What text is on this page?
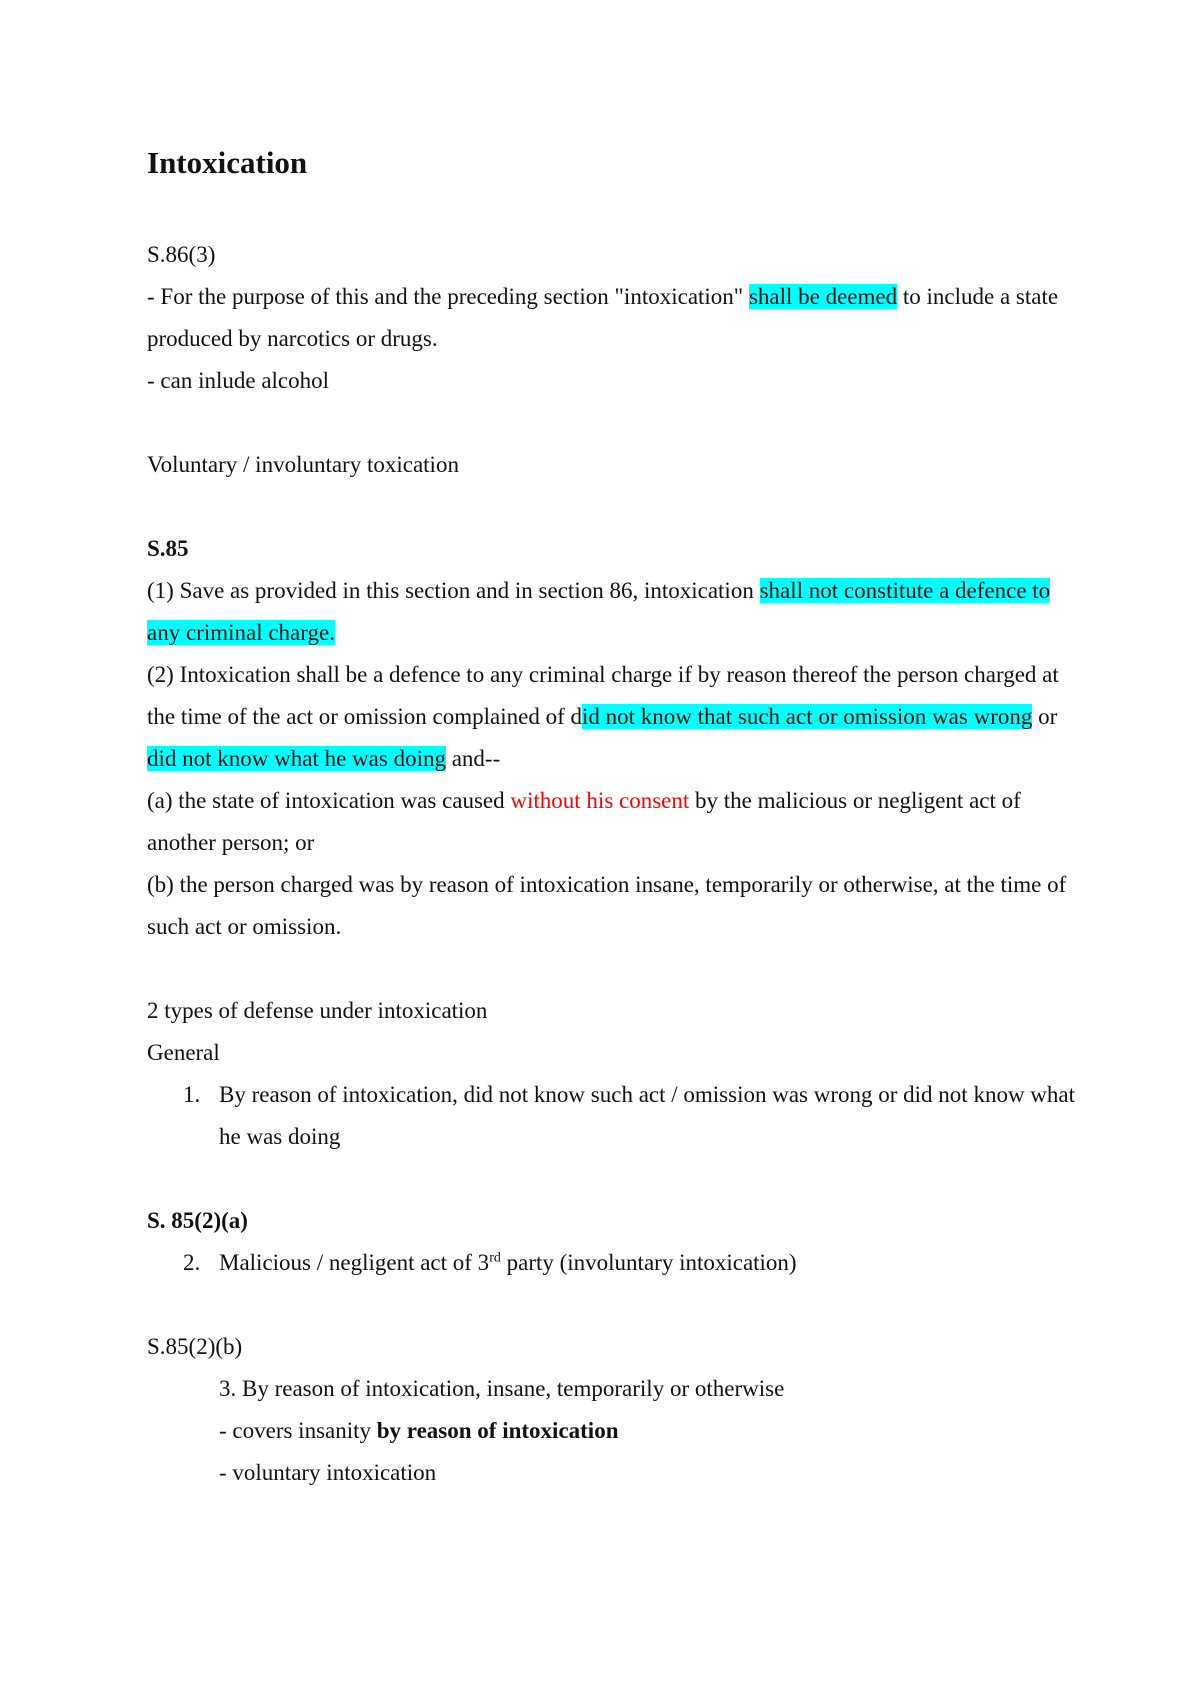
Intoxication

S.86(3)

- For the purpose of this and the preceding section "intoxication" shall be deemed to include a state produced by narcotics or drugs.

- can inlude alcohol

Voluntary / involuntary toxication

S.85

(1) Save as provided in this section and in section 86, intoxication shall not constitute a defence to any criminal charge.

(2) Intoxication shall be a defence to any criminal charge if by reason thereof the person charged at the time of the act or omission complained of did not know that such act or omission was wrong or did not know what he was doing and--

(a) the state of intoxication was caused without his consent by the malicious or negligent act of another person; or

(b) the person charged was by reason of intoxication insane, temporarily or otherwise, at the time of such act or omission.

2 types of defense under intoxication

General

1. By reason of intoxication, did not know such act / omission was wrong or did not know what he was doing

S. 85(2)(a)

2. Malicious / negligent act of 3rd party (involuntary intoxication)

S.85(2)(b)

3. By reason of intoxication, insane, temporarily or otherwise

- covers insanity by reason of intoxication

- voluntary intoxication
